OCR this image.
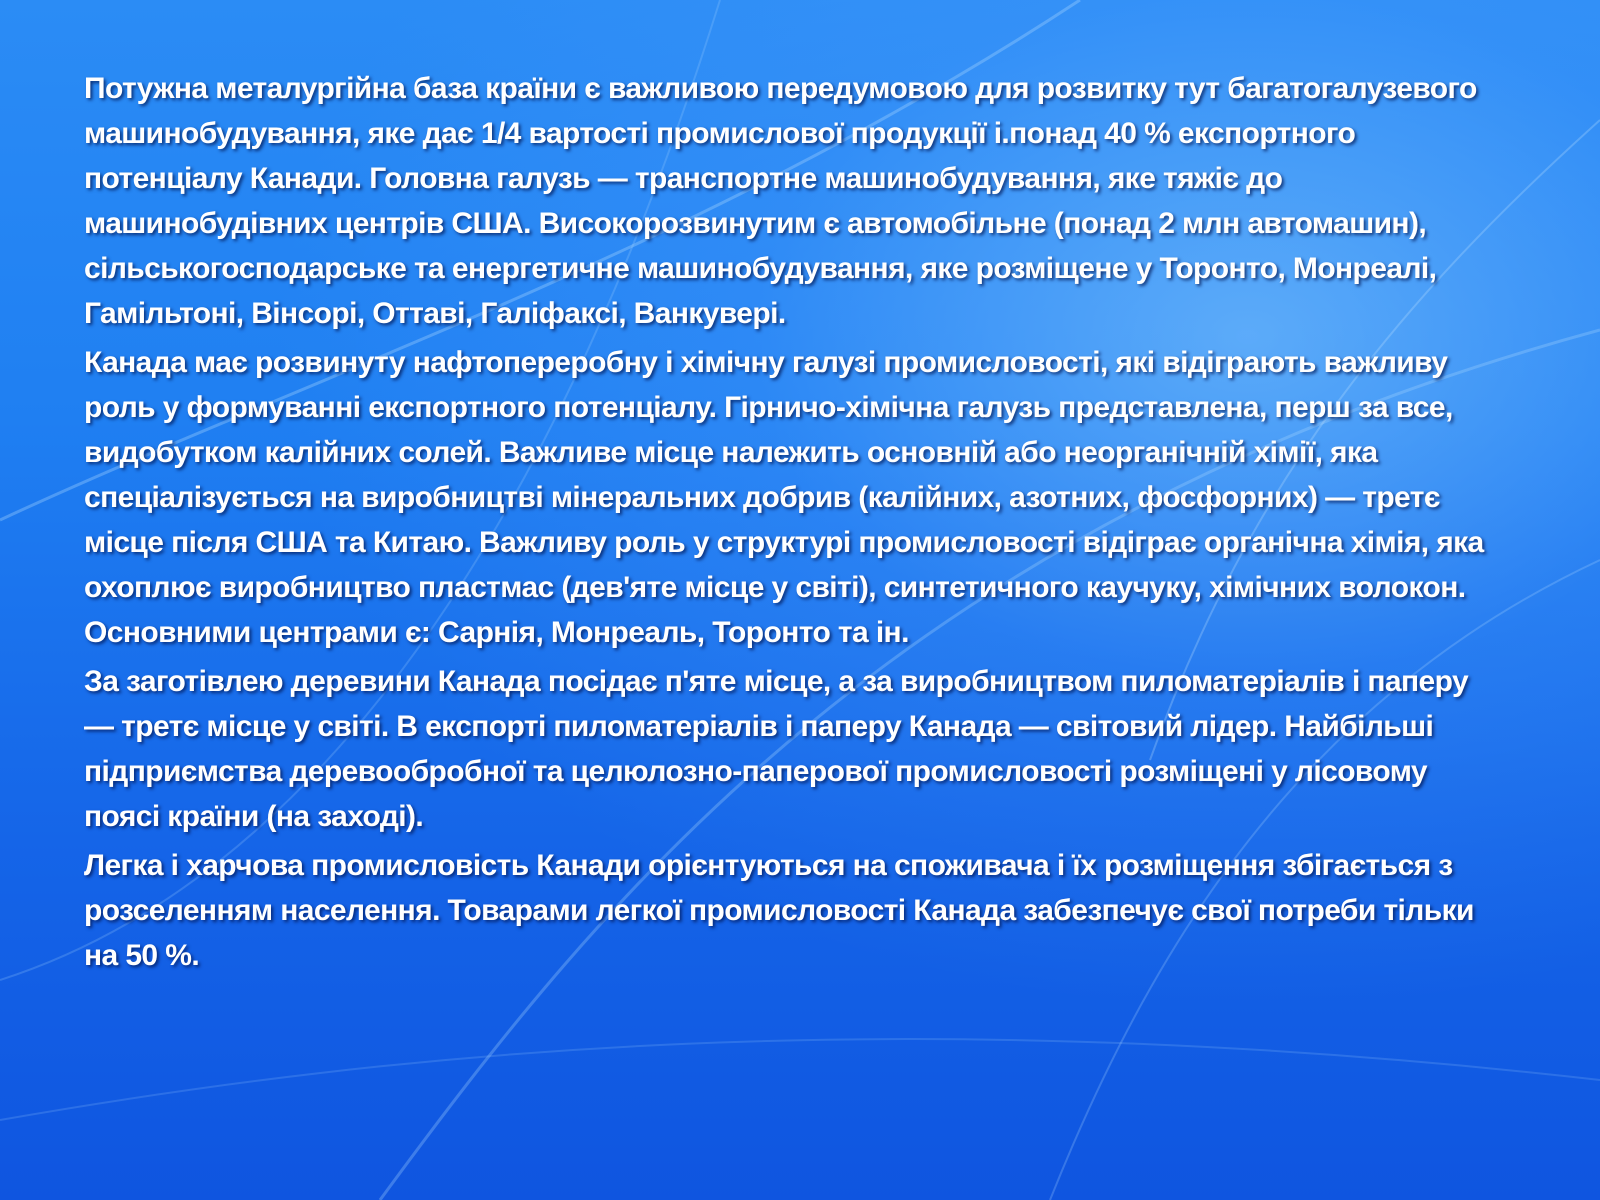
Потужна металургійна база країни є важливою передумовою для розвитку тут багатогалузевого машинобудування, яке дає 1/4 вартості промислової продукції і.понад 40 % експортного потенціалу Канади. Головна галузь — транспортне машинобудування, яке тяжіє до машинобудівних центрів США. Високорозвинутим є автомобільне (понад 2 млн автомашин), сільськогосподарське та енергетичне машинобудування, яке розміщене у Торонто, Монреалі, Гамільтоні, Вінсорі, Оттаві, Галіфаксі, Ванкувері.

Канада має розвинуту нафтопереробну і хімічну галузі промисловості, які відіграють важливу роль у формуванні експортного потенціалу. Гірничо-хімічна галузь представлена, перш за все, видобутком калійних солей. Важливе місце належить основній або неорганічній хімії, яка спеціалізується на виробництві мінеральних добрив (калійних, азотних, фосфорних) — третє місце після США та Китаю. Важливу роль у структурі промисловості відіграє органічна хімія, яка охоплює виробництво пластмас (дев'яте місце у світі), синтетичного каучуку, хімічних волокон. Основними центрами є: Сарнія, Монреаль, Торонто та ін.

За заготівлею деревини Канада посідає п'яте місце, а за виробництвом пиломатеріалів і паперу — третє місце у світі. В експорті пиломатеріалів і паперу Канада — світовий лідер. Найбільші підприємства деревообробної та целюлозно-паперової промисловості розміщені у лісовому поясі країни (на заході).

Легка і харчова промисловість Канади орієнтуються на споживача і їх розміщення збігається з розселенням населення. Товарами легкої промисловості Канада забезпечує свої потреби тільки на 50 %.
